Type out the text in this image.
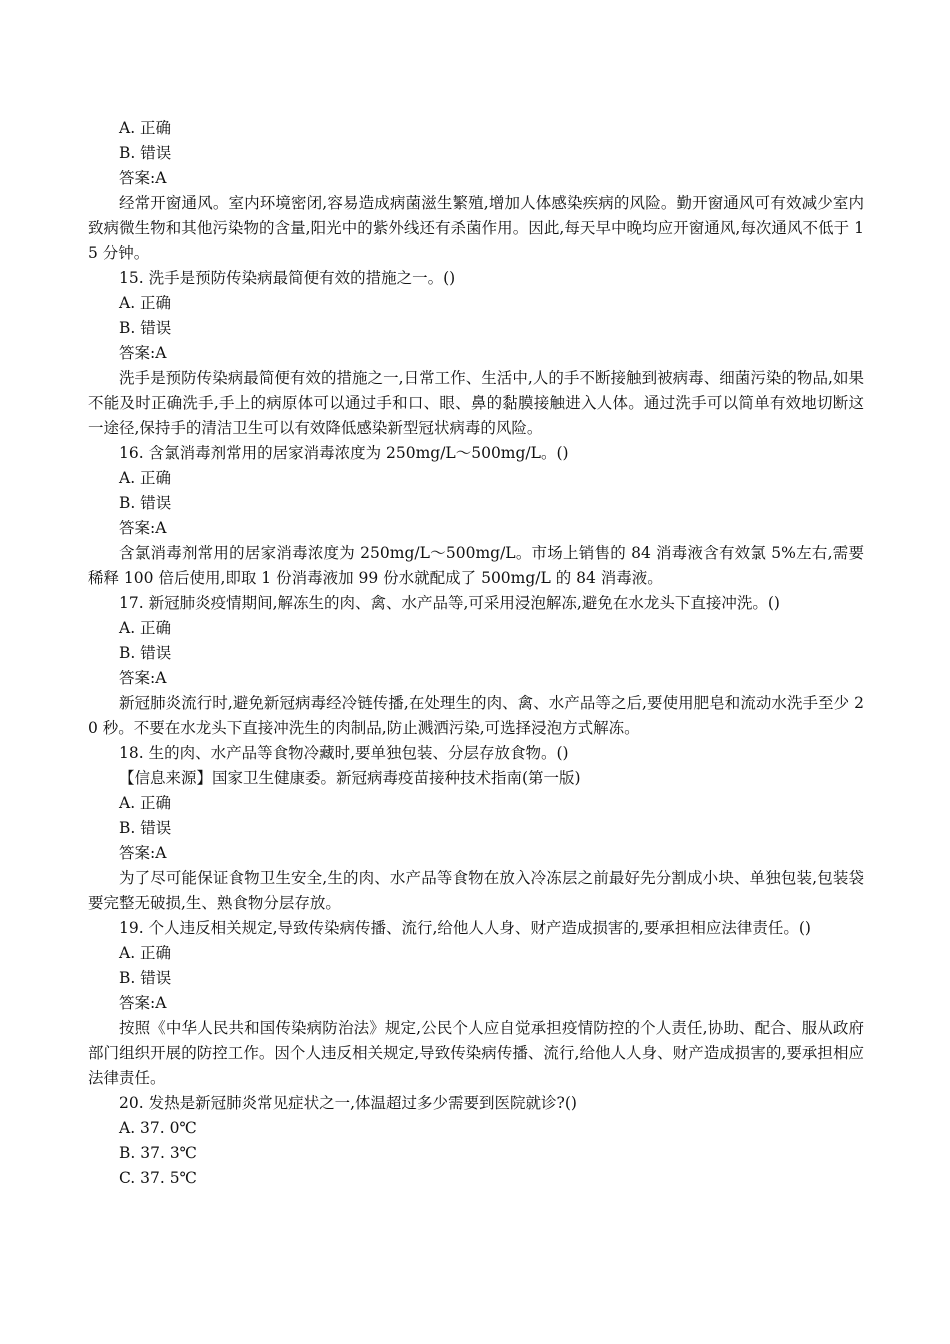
A. 正确

B. 错误

答案:A

经常开窗通风。室内环境密闭,容易造成病菌滋生繁殖,增加人体感染疾病的风险。勤开窗通风可有效减少室内致病微生物和其他污染物的含量,阳光中的紫外线还有杀菌作用。因此,每天早中晚均应开窗通风,每次通风不低于 15 分钟。

15. 洗手是预防传染病最简便有效的措施之一。()

A. 正确

B. 错误

答案:A

洗手是预防传染病最简便有效的措施之一,日常工作、生活中,人的手不断接触到被病毒、细菌污染的物品,如果不能及时正确洗手,手上的病原体可以通过手和口、眼、鼻的黏膜接触进入人体。通过洗手可以简单有效地切断这一途径,保持手的清洁卫生可以有效降低感染新型冠状病毒的风险。

16. 含氯消毒剂常用的居家消毒浓度为 250mg/L～500mg/L。()

A. 正确

B. 错误

答案:A

含氯消毒剂常用的居家消毒浓度为 250mg/L～500mg/L。市场上销售的 84 消毒液含有效氯 5%左右,需要稀释 100 倍后使用,即取 1 份消毒液加 99 份水就配成了 500mg/L 的 84 消毒液。

17. 新冠肺炎疫情期间,解冻生的肉、禽、水产品等,可采用浸泡解冻,避免在水龙头下直接冲洗。()

A. 正确

B. 错误

答案:A

新冠肺炎流行时,避免新冠病毒经冷链传播,在处理生的肉、禽、水产品等之后,要使用肥皂和流动水洗手至少 20 秒。不要在水龙头下直接冲洗生的肉制品,防止溅洒污染,可选择浸泡方式解冻。

18. 生的肉、水产品等食物冷藏时,要单独包装、分层存放食物。()

【信息来源】国家卫生健康委。新冠病毒疫苗接种技术指南(第一版)

A. 正确

B. 错误

答案:A

为了尽可能保证食物卫生安全,生的肉、水产品等食物在放入冷冻层之前最好先分割成小块、单独包装,包装袋要完整无破损,生、熟食物分层存放。

19. 个人违反相关规定,导致传染病传播、流行,给他人人身、财产造成损害的,要承担相应法律责任。()

A. 正确

B. 错误

答案:A

按照《中华人民共和国传染病防治法》规定,公民个人应自觉承担疫情防控的个人责任,协助、配合、服从政府部门组织开展的防控工作。因个人违反相关规定,导致传染病传播、流行,给他人人身、财产造成损害的,要承担相应法律责任。

20. 发热是新冠肺炎常见症状之一,体温超过多少需要到医院就诊?()

A. 37. 0℃

B. 37. 3℃

C. 37. 5℃
